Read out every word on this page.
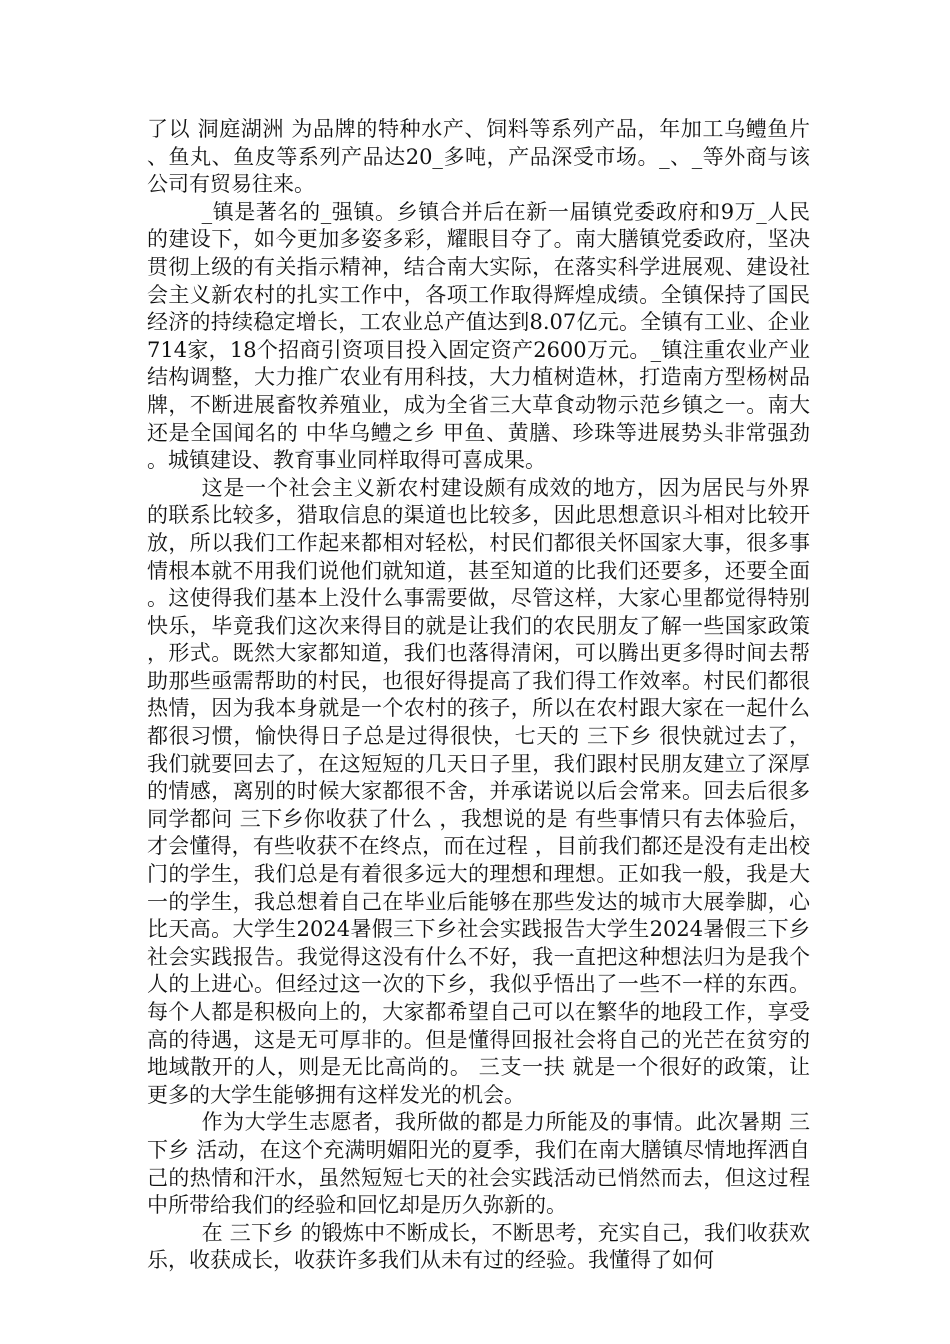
了以 洞庭湖洲 为品牌的特种水产、饲料等系列产品，年加工乌鳢鱼片、鱼丸、鱼皮等系列产品达20_多吨，产品深受市场。_、_等外商与该公司有贸易往来。

_镇是著名的_强镇。乡镇合并后在新一届镇党委政府和9万_人民的建设下，如今更加多姿多彩，耀眼目夺了。南大膳镇党委政府，坚决贯彻上级的有关指示精神，结合南大实际，在落实科学进展观、建设社会主义新农村的扎实工作中，各项工作取得辉煌成绩。全镇保持了国民经济的持续稳定增长，工农业总产值达到8.07亿元。全镇有工业、企业714家，18个招商引资项目投入固定资产2600万元。_镇注重农业产业结构调整，大力推广农业有用科技，大力植树造林，打造南方型杨树品牌，不断进展畜牧养殖业，成为全省三大草食动物示范乡镇之一。南大还是全国闻名的 中华乌鳢之乡 甲鱼、黄膳、珍珠等进展势头非常强劲。城镇建设、教育事业同样取得可喜成果。

这是一个社会主义新农村建设颇有成效的地方，因为居民与外界的联系比较多，猎取信息的渠道也比较多，因此思想意识斗相对比较开放，所以我们工作起来都相对轻松，村民们都很关怀国家大事，很多事情根本就不用我们说他们就知道，甚至知道的比我们还要多，还要全面。这使得我们基本上没什么事需要做，尽管这样，大家心里都觉得特别快乐，毕竟我们这次来得目的就是让我们的农民朋友了解一些国家政策，形式。既然大家都知道，我们也落得清闲，可以腾出更多得时间去帮助那些亟需帮助的村民，也很好得提高了我们得工作效率。村民们都很热情，因为我本身就是一个农村的孩子，所以在农村跟大家在一起什么都很习惯，愉快得日子总是过得很快，七天的 三下乡 很快就过去了，我们就要回去了，在这短短的几天日子里，我们跟村民朋友建立了深厚的情感，离别的时候大家都很不舍，并承诺说以后会常来。回去后很多同学都问 三下乡你收获了什么 ，我想说的是 有些事情只有去体验后，才会懂得，有些收获不在终点，而在过程 ，目前我们都还是没有走出校门的学生，我们总是有着很多远大的理想和理想。正如我一般，我是大一的学生，我总想着自己在毕业后能够在那些发达的城市大展拳脚，心比天高。大学生2024暑假三下乡社会实践报告大学生2024暑假三下乡社会实践报告。我觉得这没有什么不好，我一直把这种想法归为是我个人的上进心。但经过这一次的下乡，我似乎悟出了一些不一样的东西。每个人都是积极向上的，大家都希望自己可以在繁华的地段工作，享受高的待遇，这是无可厚非的。但是懂得回报社会将自己的光芒在贫穷的地域散开的人，则是无比高尚的。 三支一扶 就是一个很好的政策，让更多的大学生能够拥有这样发光的机会。

作为大学生志愿者，我所做的都是力所能及的事情。此次暑期 三下乡 活动，在这个充满明媚阳光的夏季，我们在南大膳镇尽情地挥洒自己的热情和汗水，虽然短短七天的社会实践活动已悄然而去，但这过程中所带给我们的经验和回忆却是历久弥新的。

在 三下乡 的锻炼中不断成长，不断思考，充实自己，我们收获欢乐，收获成长，收获许多我们从未有过的经验。我懂得了如何
